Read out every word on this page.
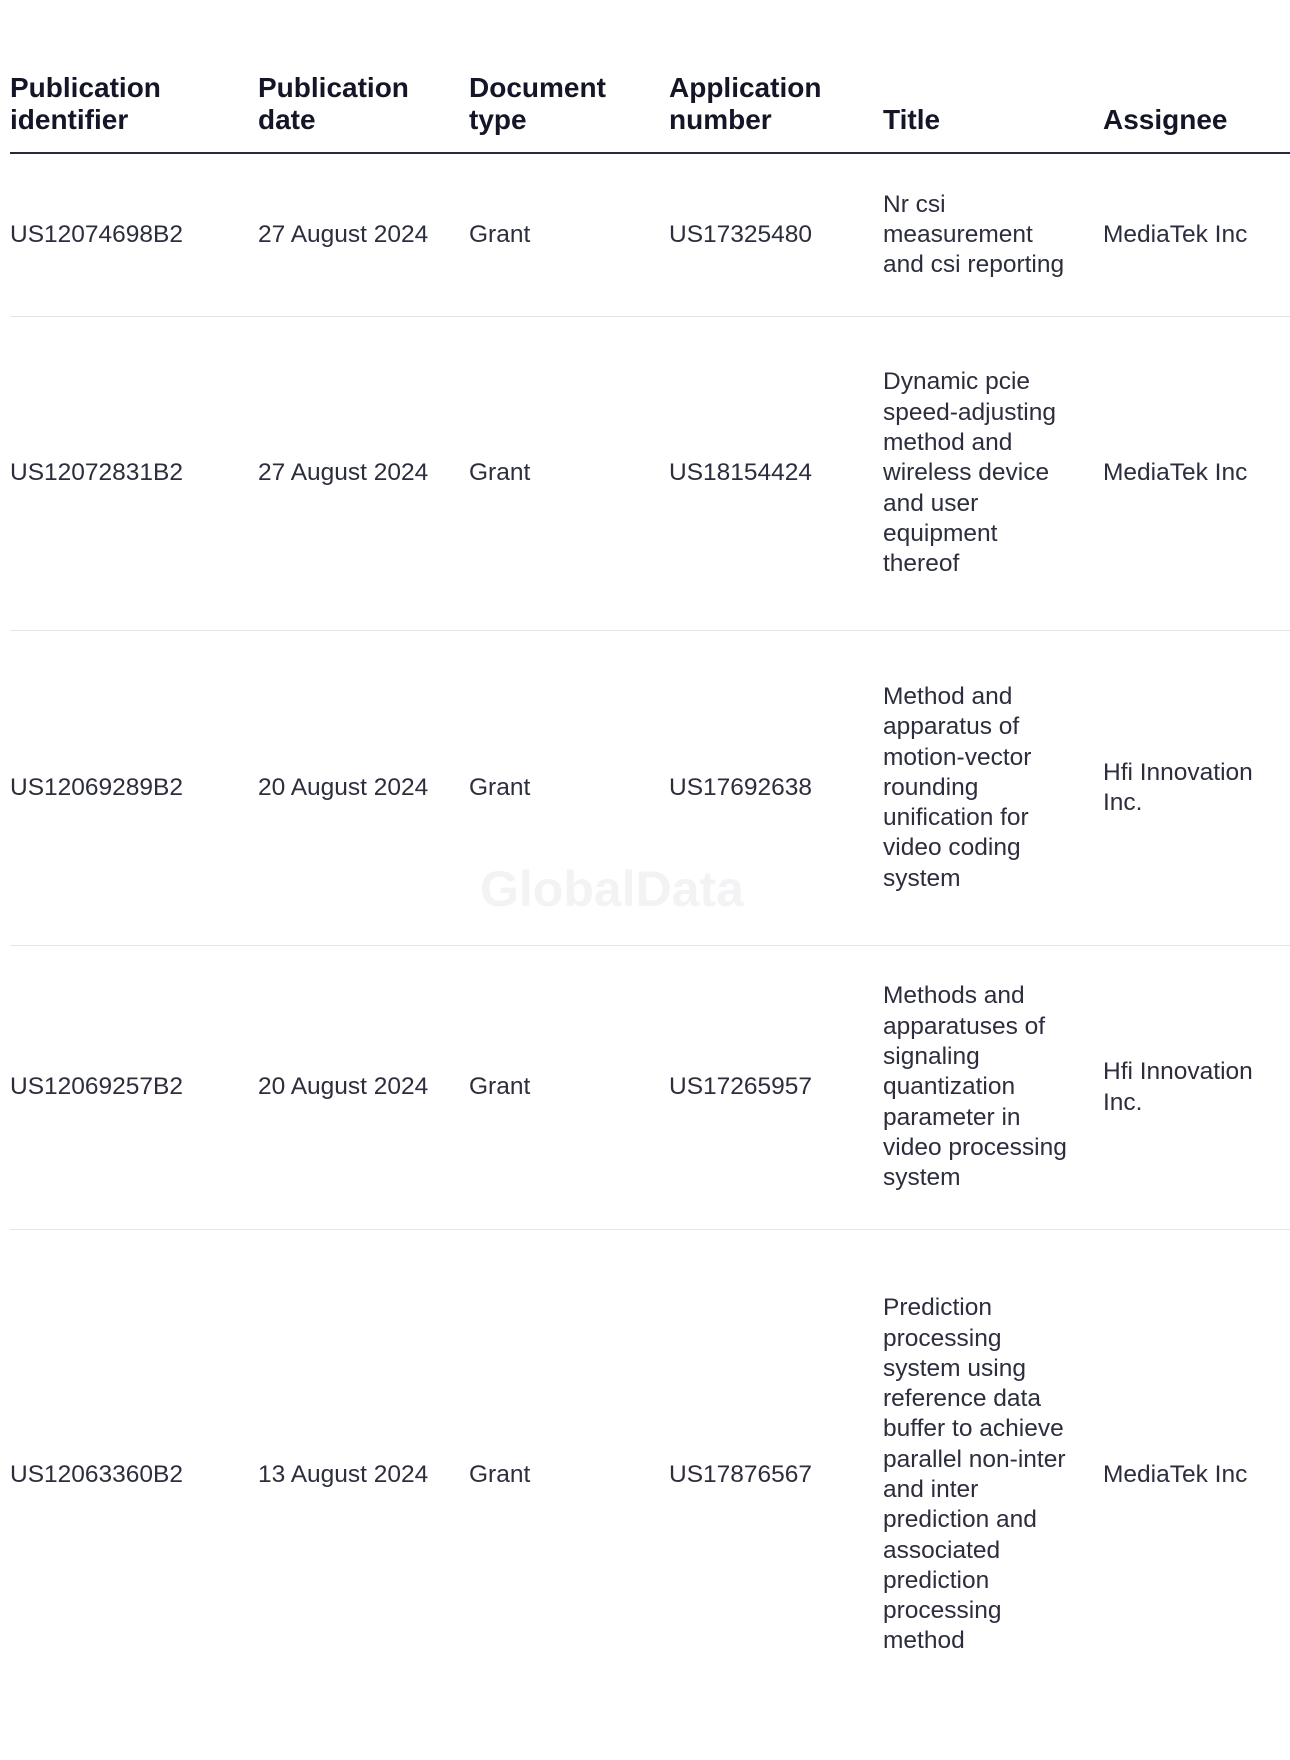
GlobalData
Publication identifier	Publication date	Document type	Application number	Title	Assignee
US12074698B2	27 August 2024	Grant	US17325480	Nr csi measurement and csi reporting	MediaTek Inc
US12072831B2	27 August 2024	Grant	US18154424	Dynamic pcie speed-adjusting method and wireless device and user equipment thereof	MediaTek Inc
US12069289B2	20 August 2024	Grant	US17692638	Method and apparatus of motion-vector rounding unification for video coding system	Hfi Innovation Inc.
US12069257B2	20 August 2024	Grant	US17265957	Methods and apparatuses of signaling quantization parameter in video processing system	Hfi Innovation Inc.
US12063360B2	13 August 2024	Grant	US17876567	Prediction processing system using reference data buffer to achieve parallel non-inter and inter prediction and associated prediction processing method	MediaTek Inc
